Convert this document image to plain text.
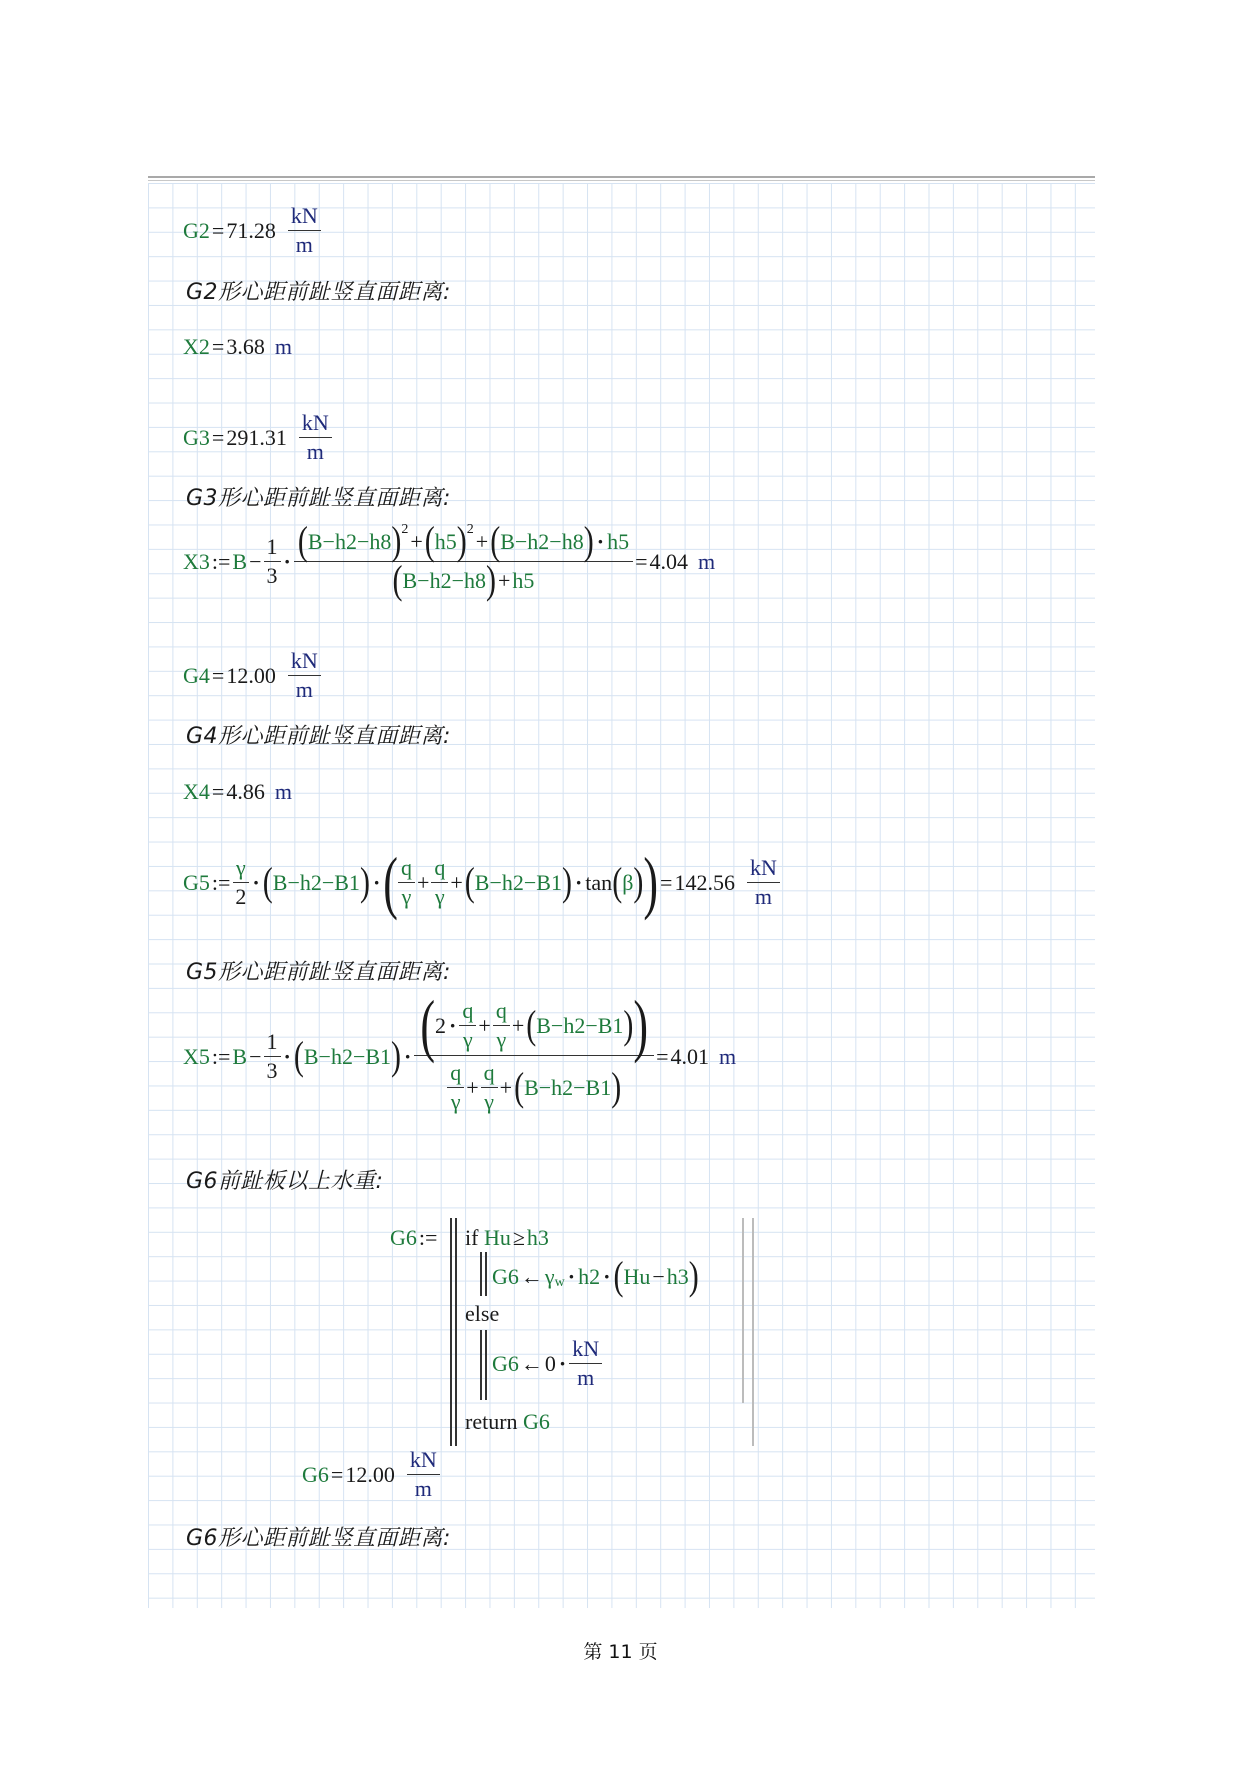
G2 = 71.28
kN
m
G2形心距前趾竖直面距离:
X2 = 3.68 m
G3 = 291.31
kN
m
G3形心距前趾竖直面距离:
X3 := $B - \frac{1}{3}$ · ( B−h2−h8 ) 2 + ( h5 ) 2 + ( B−h2−h8 ) · h5
( B−h2−h8 ) + h5
= 4.04 m
G4 = 12.00
kN
m
G4形心距前趾竖直面距离:
X4 = 4.86 m
G5 := $\frac{\gamma}{2}$ · ( B−h2−B1 ) · ( q
γ
+ $\frac{q}{\gamma}$ + ( B−h2−B1 ) · tan ( β ) ) = 142.56
kN
m
G5形心距前趾竖直面距离:
X5 := $B - \frac{1}{3}$ · ( B−h2−B1 ) · ( 2 ·
q
γ
+ $\frac{q}{\gamma}$ + ( B−h2−B1 ) )
q
γ
+ $\frac{q}{\gamma}$ + ( B−h2−B1 )
= 4.01 m
G6前趾板以上水重:
G6 := if
Hu ≥ h3
G6 ← γ w · h2 · ( Hu − h3 )
else
G6 ← 0 ·
kN
m
return
G6
G6 = 12.00
kN
m
G6形心距前趾竖直面距离:
第 11 页
